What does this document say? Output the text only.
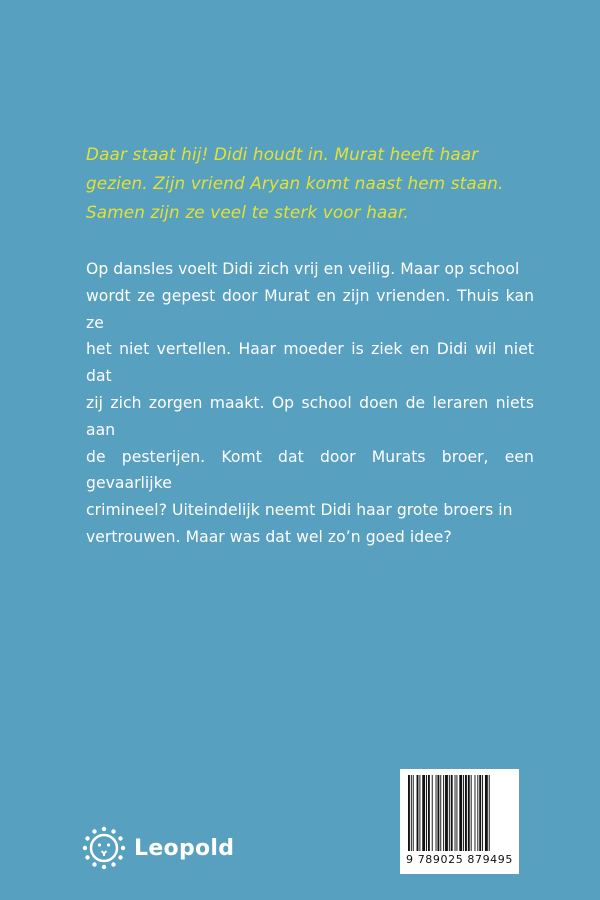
Daar staat hij! Didi houdt in. Murat heeft haar

gezien. Zijn vriend Aryan komt naast hem staan.

Samen zijn ze veel te sterk voor haar.

Op dansles voelt Didi zich vrij en veilig. Maar op school

wordt ze gepest door Murat en zijn vrienden. Thuis kan ze

het niet vertellen. Haar moeder is ziek en Didi wil niet dat

zij zich zorgen maakt. Op school doen de leraren niets aan

de pesterijen. Komt dat door Murats broer, een gevaarlijke

crimineel? Uiteindelijk neemt Didi haar grote broers in

vertrouwen. Maar was dat wel zo’n goed idee?

Leopold	9 789025 879495
